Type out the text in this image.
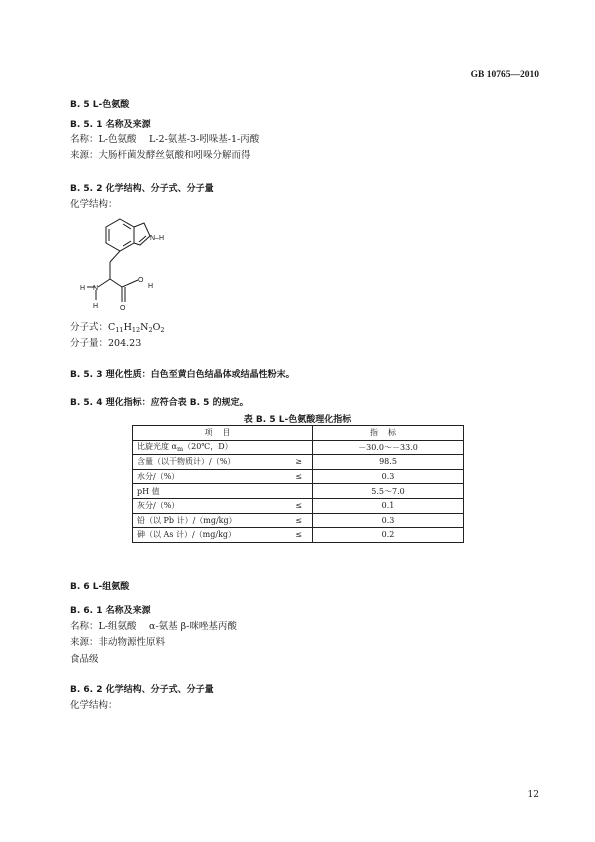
GB 10765—2010
B. 5 L-色氨酸
B. 5. 1 名称及来源
名称：L-色氨酸　 L-2-氨基-3-吲哚基-1-丙酸
来源：大肠杆菌发酵丝氨酸和吲哚分解而得
B. 5. 2 化学结构、分子式、分子量
化学结构：
N–H
H N
H	O
O
H
分子式：$C_{11}H_{12}N_2O_2$
分子量：204.23
B. 5. 3 理化性质：白色至黄白色结晶体或结晶性粉末。
B. 5. 4 理化指标：应符合表 B. 5 的规定。
表 B. 5 L-色氨酸理化指标
项目		指标
比旋光度 $\alpha_m(20℃$，D）		－30.0～－33.0
含量（以干物质计）/（%）	≥	98.5
水分/（%）	≤	0.3
pH 值		5.5～7.0
灰分/（%）	≤	0.1
铅（以 Pb 计）/（mg/kg）	≤	0.3
砷（以 As 计）/（mg/kg）	≤	0.2
B. 6 L-组氨酸
B. 6. 1 名称及来源
名称：L-组氨酸　 α-氨基 β-咪唑基丙酸
来源：非动物源性原料
食品级
B. 6. 2 化学结构、分子式、分子量
化学结构：
12
